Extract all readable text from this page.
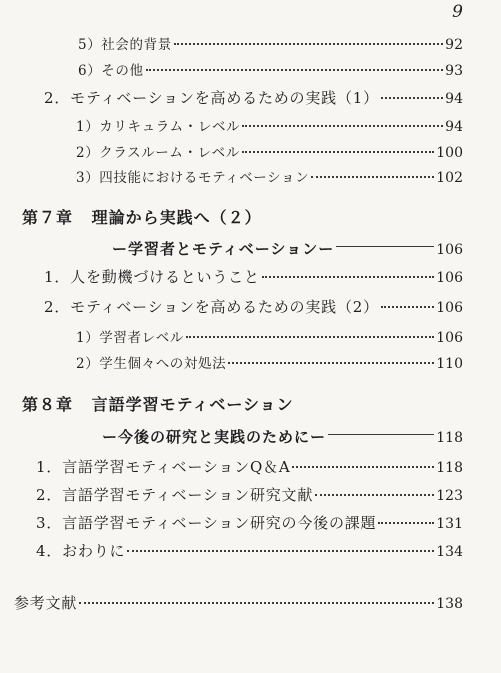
9
5）社会的背景	92
6）その他	93
2．モティベーションを高めるための実践（1）	94
1）カリキュラム・レベル	94
2）クラスルーム・レベル	100
3）四技能におけるモティベーション	102
第７章 理論から実践へ（２）
ー学習者とモティベーションー	106
1．人を動機づけるということ	106
2．モティベーションを高めるための実践（2）	106
1）学習者レベル	106
2）学生個々への対処法	110
第８章 言語学習モティベーション
ー今後の研究と実践のためにー	118
1．言語学習モティベーションQ＆A	118
2．言語学習モティベーション研究文献	123
3．言語学習モティベーション研究の今後の課題	131
4．おわりに	134
参考文献	138
